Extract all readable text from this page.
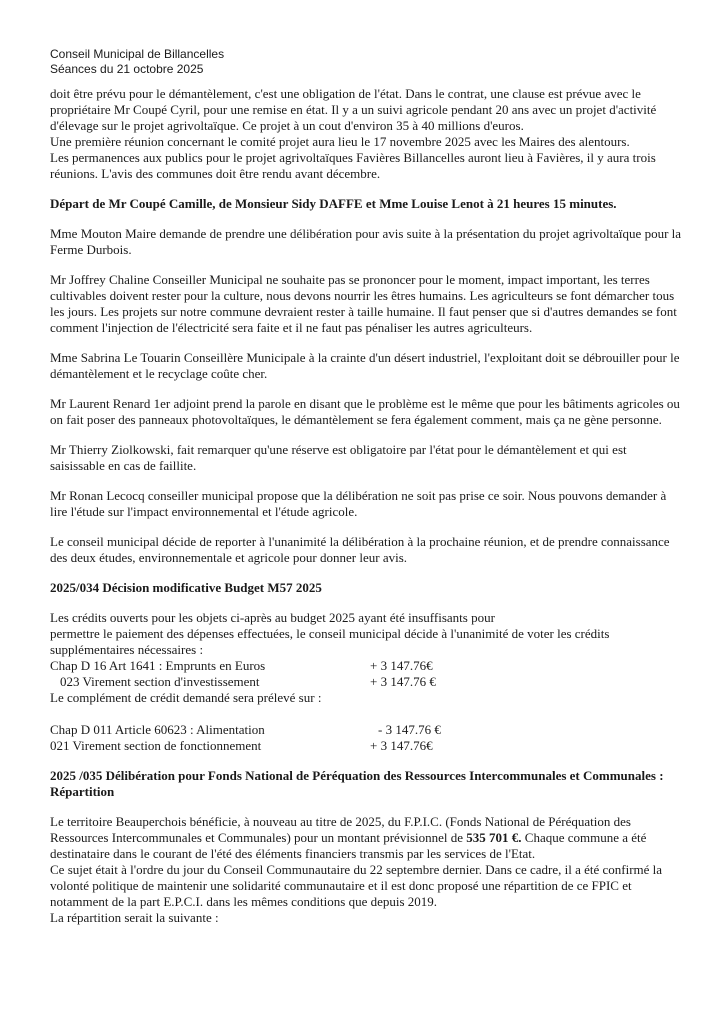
Conseil Municipal de Billancelles
Séances du 21 octobre 2025

doit être prévu pour le démantèlement, c'est une obligation de l'état. Dans le contrat, une clause est prévue avec le propriétaire Mr Coupé Cyril, pour une remise en état. Il y a un suivi agricole pendant 20 ans avec un projet d'activité d'élevage sur le projet agrivoltaïque. Ce projet à un cout d'environ 35 à 40 millions d'euros.

Une première réunion concernant le comité projet aura lieu le 17 novembre 2025 avec les Maires des alentours.

Les permanences aux publics pour le projet agrivoltaïques Favières Billancelles auront lieu à Favières, il y aura trois réunions. L'avis des communes doit être rendu avant décembre.

Départ de Mr Coupé Camille, de Monsieur Sidy DAFFE et Mme Louise Lenot à 21 heures 15 minutes.

Mme Mouton Maire demande de prendre une délibération pour avis suite à la présentation du projet agrivoltaïque pour la Ferme Durbois.

Mr Joffrey Chaline Conseiller Municipal ne souhaite pas se prononcer pour le moment, impact important, les terres cultivables doivent rester pour la culture, nous devons nourrir les êtres humains. Les agriculteurs se font démarcher tous les jours. Les projets sur notre commune devraient rester à taille humaine. Il faut penser que si d'autres demandes se font comment l'injection de l'électricité sera faite et il ne faut pas pénaliser les autres agriculteurs.

Mme Sabrina Le Touarin Conseillère Municipale à la crainte d'un désert industriel, l'exploitant doit se débrouiller pour le démantèlement et le recyclage coûte cher.

Mr Laurent Renard 1er adjoint prend la parole en disant que le problème est le même que pour les bâtiments agricoles ou on fait poser des panneaux photovoltaïques, le démantèlement se fera également comment, mais ça ne gène personne.

Mr Thierry Ziolkowski, fait remarquer qu'une réserve est obligatoire par l'état pour le démantèlement et qui est saisissable en cas de faillite.

Mr Ronan Lecocq conseiller municipal propose que la délibération ne soit pas prise ce soir. Nous pouvons demander à lire l'étude sur l'impact environnemental et l'étude agricole.

Le conseil municipal décide de reporter à l'unanimité la délibération à la prochaine réunion, et de prendre connaissance des deux études, environnementale et agricole pour donner leur avis.

2025/034 Décision modificative Budget M57 2025
Les crédits ouverts pour les objets ci-après au budget 2025 ayant été insuffisants pour
permettre le paiement des dépenses effectuées, le conseil municipal décide à l'unanimité de voter les crédits supplémentaires nécessaires :
Chap D 16 Art 1641 : Emprunts en Euros	+ 3 147.76€
023 Virement section d'investissement	+ 3 147.76 €
Le complément de crédit demandé sera prélevé sur :
Chap D 011 Article 60623 : Alimentation	- 3 147.76 €
021 Virement section de fonctionnement	+ 3 147.76€
2025 /035 Délibération pour Fonds National de Péréquation des Ressources Intercommunales et Communales : Répartition

Le territoire Beauperchois bénéficie, à nouveau au titre de 2025, du F.P.I.C. (Fonds National de Péréquation des Ressources Intercommunales et Communales) pour un montant prévisionnel de 535 701 €. Chaque commune a été destinataire dans le courant de l'été des éléments financiers transmis par les services de l'Etat.

Ce sujet était à l'ordre du jour du Conseil Communautaire du 22 septembre dernier. Dans ce cadre, il a été confirmé la volonté politique de maintenir une solidarité communautaire et il est donc proposé une répartition de ce FPIC et notamment de la part E.P.C.I. dans les mêmes conditions que depuis 2019.

La répartition serait la suivante :
